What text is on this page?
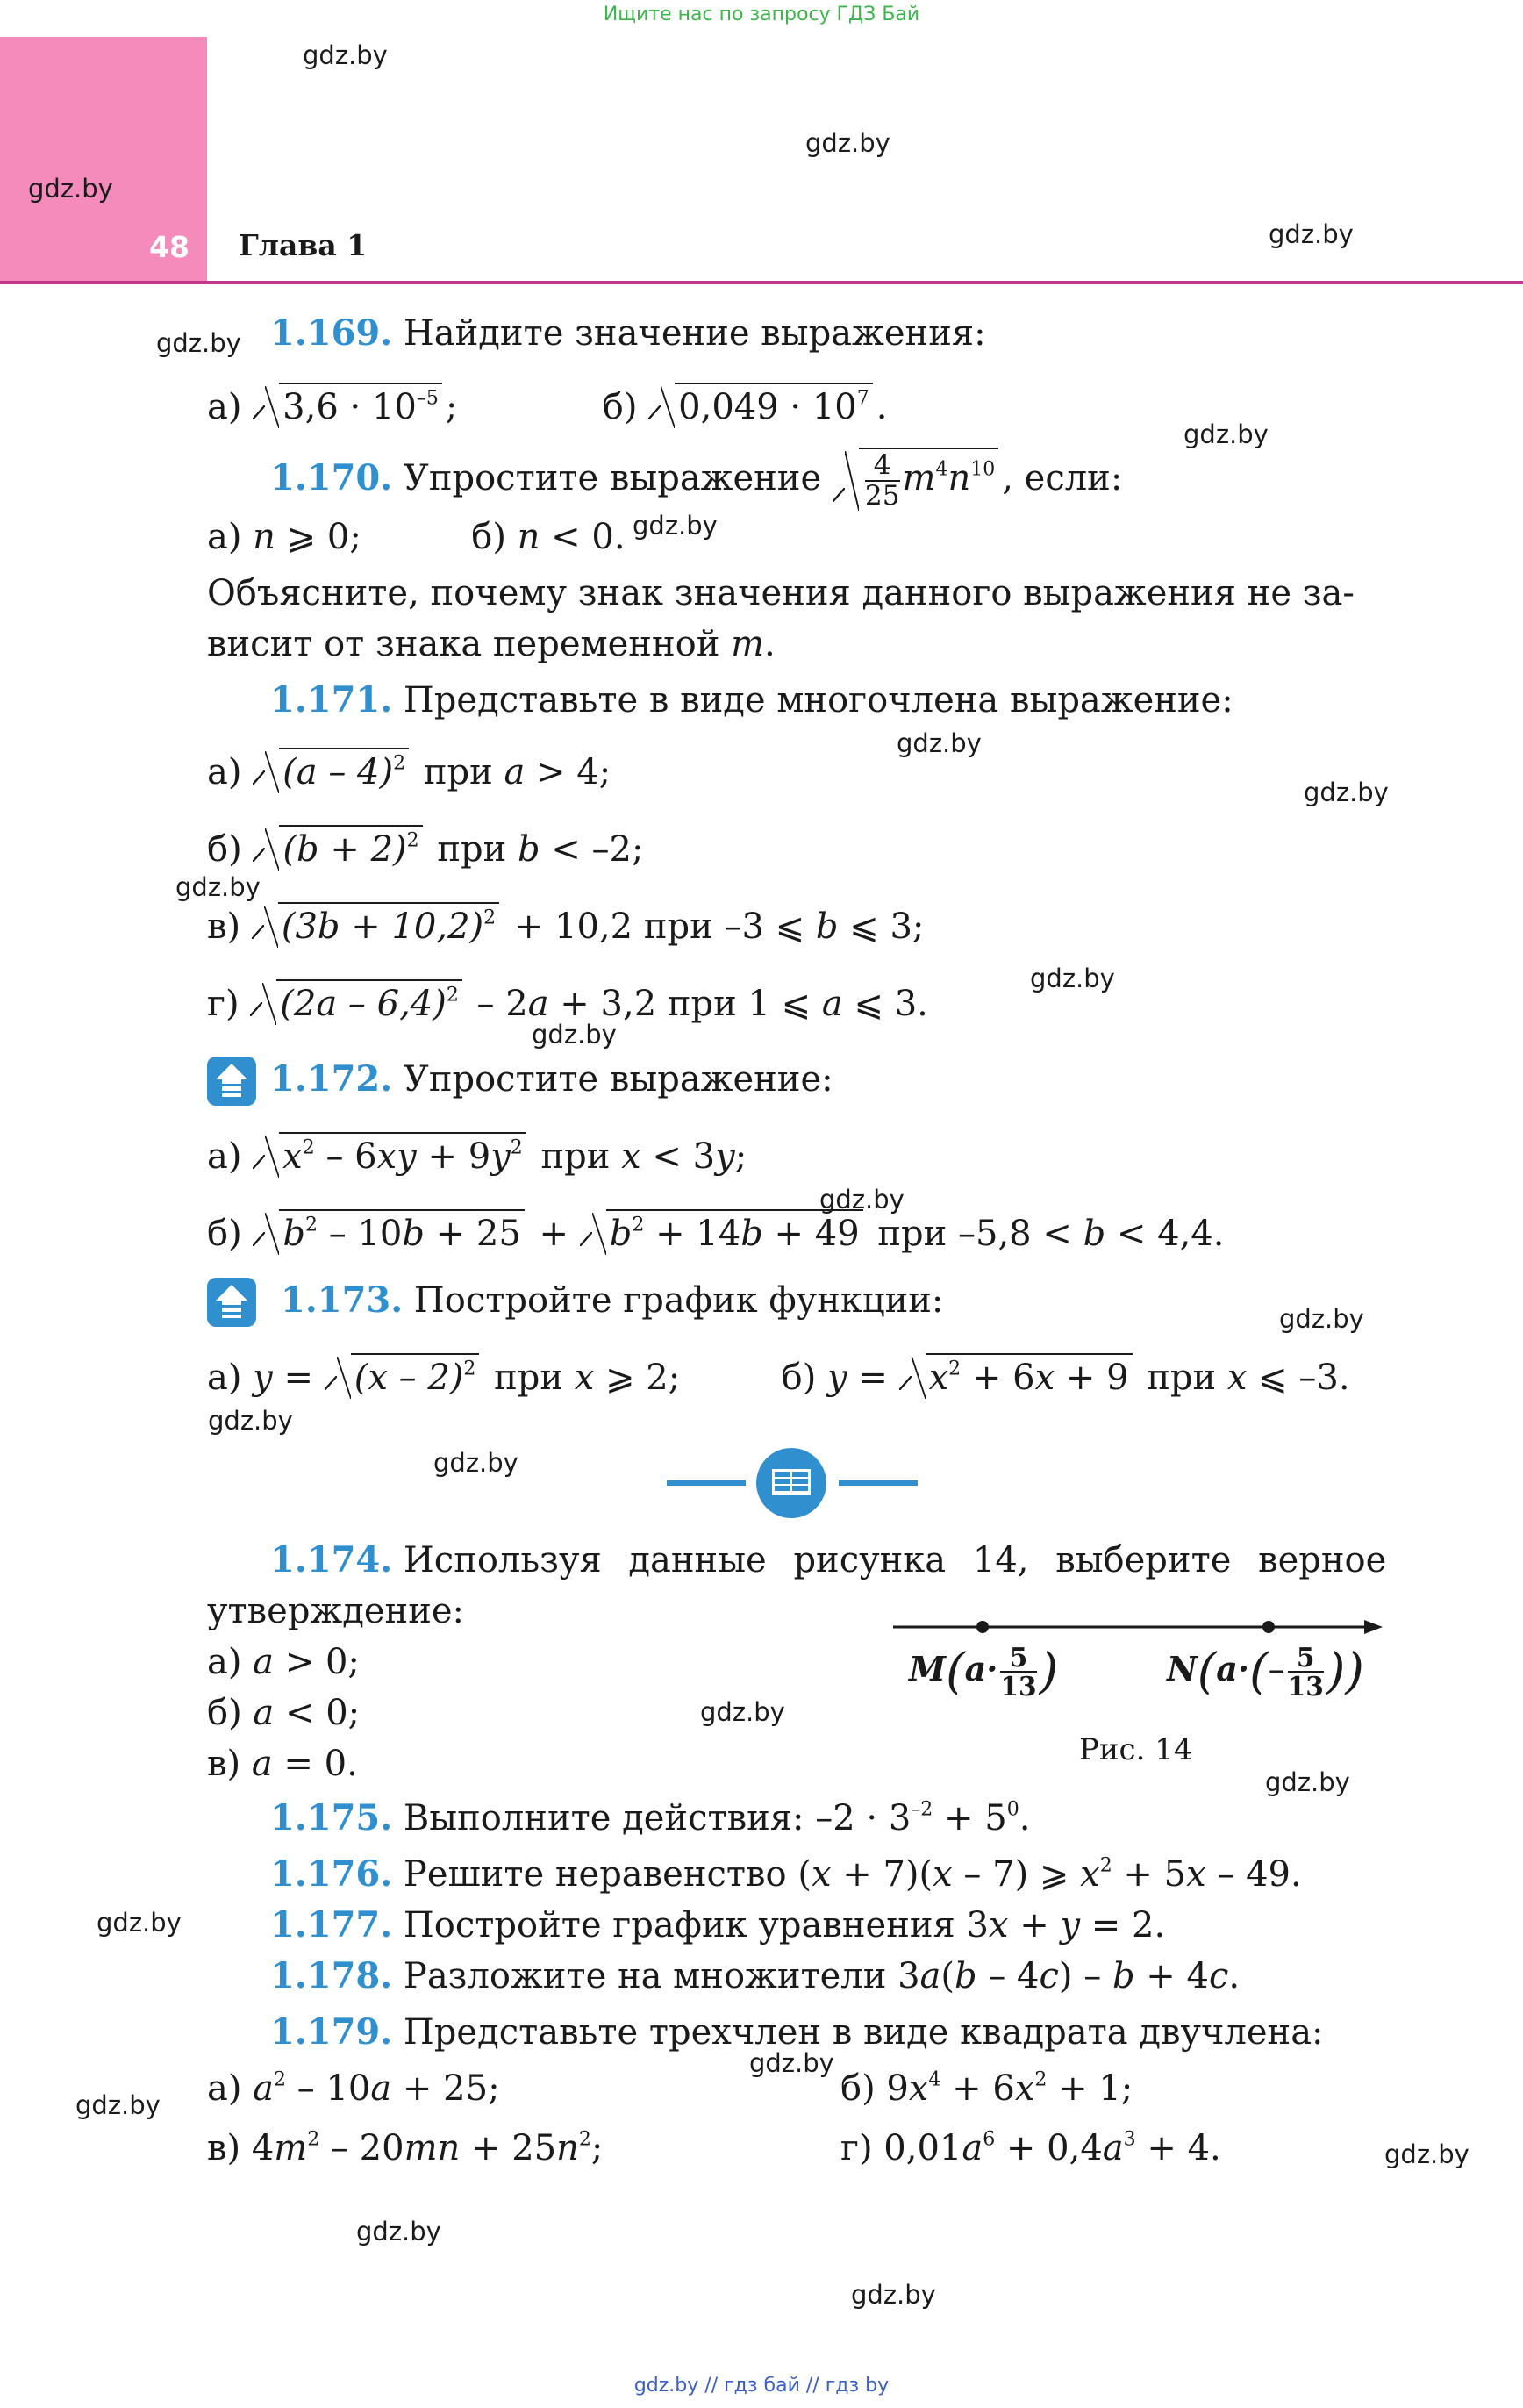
Ищите нас по запросу ГДЗ Бай
48 Глава 1
gdz.by
gdz.by
gdz.by
gdz.by
gdz.by
gdz.by
gdz.by
gdz.by
gdz.by
gdz.by
gdz.by
gdz.by
gdz.by
gdz.by
gdz.by
gdz.by
gdz.by
gdz.by
gdz.by
gdz.by
gdz.by
gdz.by
gdz.by
gdz.by
1.169. Найдите значение выражения:
а) $3,6 \cdot 10^{-5}$ ;	б) $0,049 \cdot 10^7$ .
1.170. Упростите выражение $\frac{4}{25} m^4n^{10}$ , если:
а) n ⩾ 0;	б) n < 0.
Объясните, почему знак значения данного выражения не за-
висит от знака переменной m.
1.171. Представьте в виде многочлена выражение:
а) (a – 4)$^2$ при a > 4;
б) $(b + 2)^2$ при b < –2;
в) $(3b + 10,2)^2 + 10,2$ при –3 ⩽ b ⩽ 3;
г) (2a – 6,4)$^2$ – 2a + 3,2 при 1 ⩽ a ⩽ 3.
1.172. Упростите выражение:
а) $x^2 - 6xy + 9y^2$ при x < 3y;
б) $b^2 - 10b + 25 + b^2 + 14b + 49$ при –5,8 < b < 4,4.
1.173. Постройте график функции:
а) y = (x – 2)$^2$ при x ⩾ 2;	б) $y = x^2 + 6x + 9$ при x ⩽ –3.
1.174. Используя данные рисунка 14, выберите верное
утверждение:
а) a > 0;
б) a < 0;
в) a = 0.
$M(a\cdot \frac{5}{13}$ )	$N(a\cdot(- \frac{5}{13}$ ))
Рис. 14
1.175. Выполните действия: $-2 \cdot 3^{-2} + 5^0$.
1.176. Решите неравенство (x + 7)(x – 7) ⩾ $x^2 + 5x - 49$.
1.177. Постройте график уравнения 3x + y = 2.
1.178. Разложите на множители 3a(b – 4c) – b + 4c.
1.179. Представьте трехчлен в виде квадрата двучлена:
а) $a^2 - 10a + 25$;	б) $9x^4 + 6x^2 + 1$;
в) $4m^2 - 20mn + 25n^2$;	г) $0,01a^6 + 0,4a^3 + 4$.
gdz.by // гдз бай // гдз by
